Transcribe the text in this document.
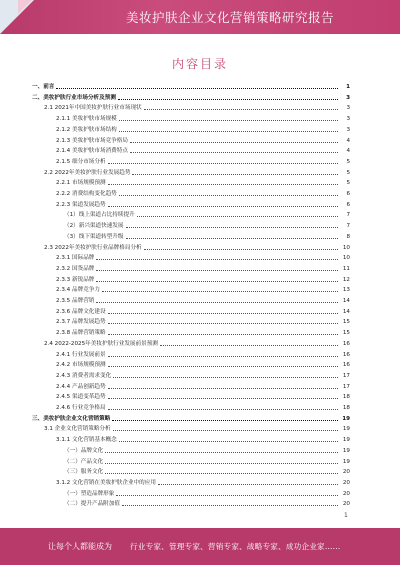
美妆护肤企业文化营销策略研究报告
内容目录
一、前言	1
二、美妆护肤行业市场分析及预测	3
2.1 2021年中国美妆护肤行业市场现状	3
2.1.1 美妆护肤市场规模	3
2.1.2 美妆护肤市场结构	3
2.1.3 美妆护肤市场竞争格局	4
2.1.4 美妆护肤市场消费特点	4
2.1.5 细分市场分析	5
2.2 2022年美妆护肤行业发展趋势	5
2.2.1 市场规模预测	5
2.2.2 消费结构变化趋势	6
2.2.3 渠道发展趋势	6
（1）线上渠道占比持续提升	7
（2）新兴渠道快速发展	7
（3）线下渠道转型升级	8
2.3 2022年美妆护肤行业品牌格局分析	10
2.3.1 国际品牌	10
2.3.2 国货品牌	11
2.3.3 新锐品牌	12
2.3.4 品牌竞争力	13
2.3.5 品牌营销	14
2.3.6 品牌文化建设	14
2.3.7 品牌发展趋势	15
2.3.8 品牌营销策略	15
2.4 2022-2025年美妆护肤行业发展前景预测	16
2.4.1 行业发展前景	16
2.4.2 市场规模预测	16
2.4.3 消费者需求变化	17
2.4.4 产品创新趋势	17
2.4.5 渠道变革趋势	18
2.4.6 行业竞争格局	18
三、美妆护肤企业文化营销策略	19
3.1 企业文化营销策略分析	19
3.1.1 文化营销基本概念	19
（一）品牌文化	19
（二）产品文化	19
（三）服务文化	20
3.1.2 文化营销在美妆护肤企业中的应用	20
（一）塑造品牌形象	20
（二）提升产品附加值	20
1
让每个人都能成为 行业专家、管理专家、营销专家、战略专家、成功企业家……
